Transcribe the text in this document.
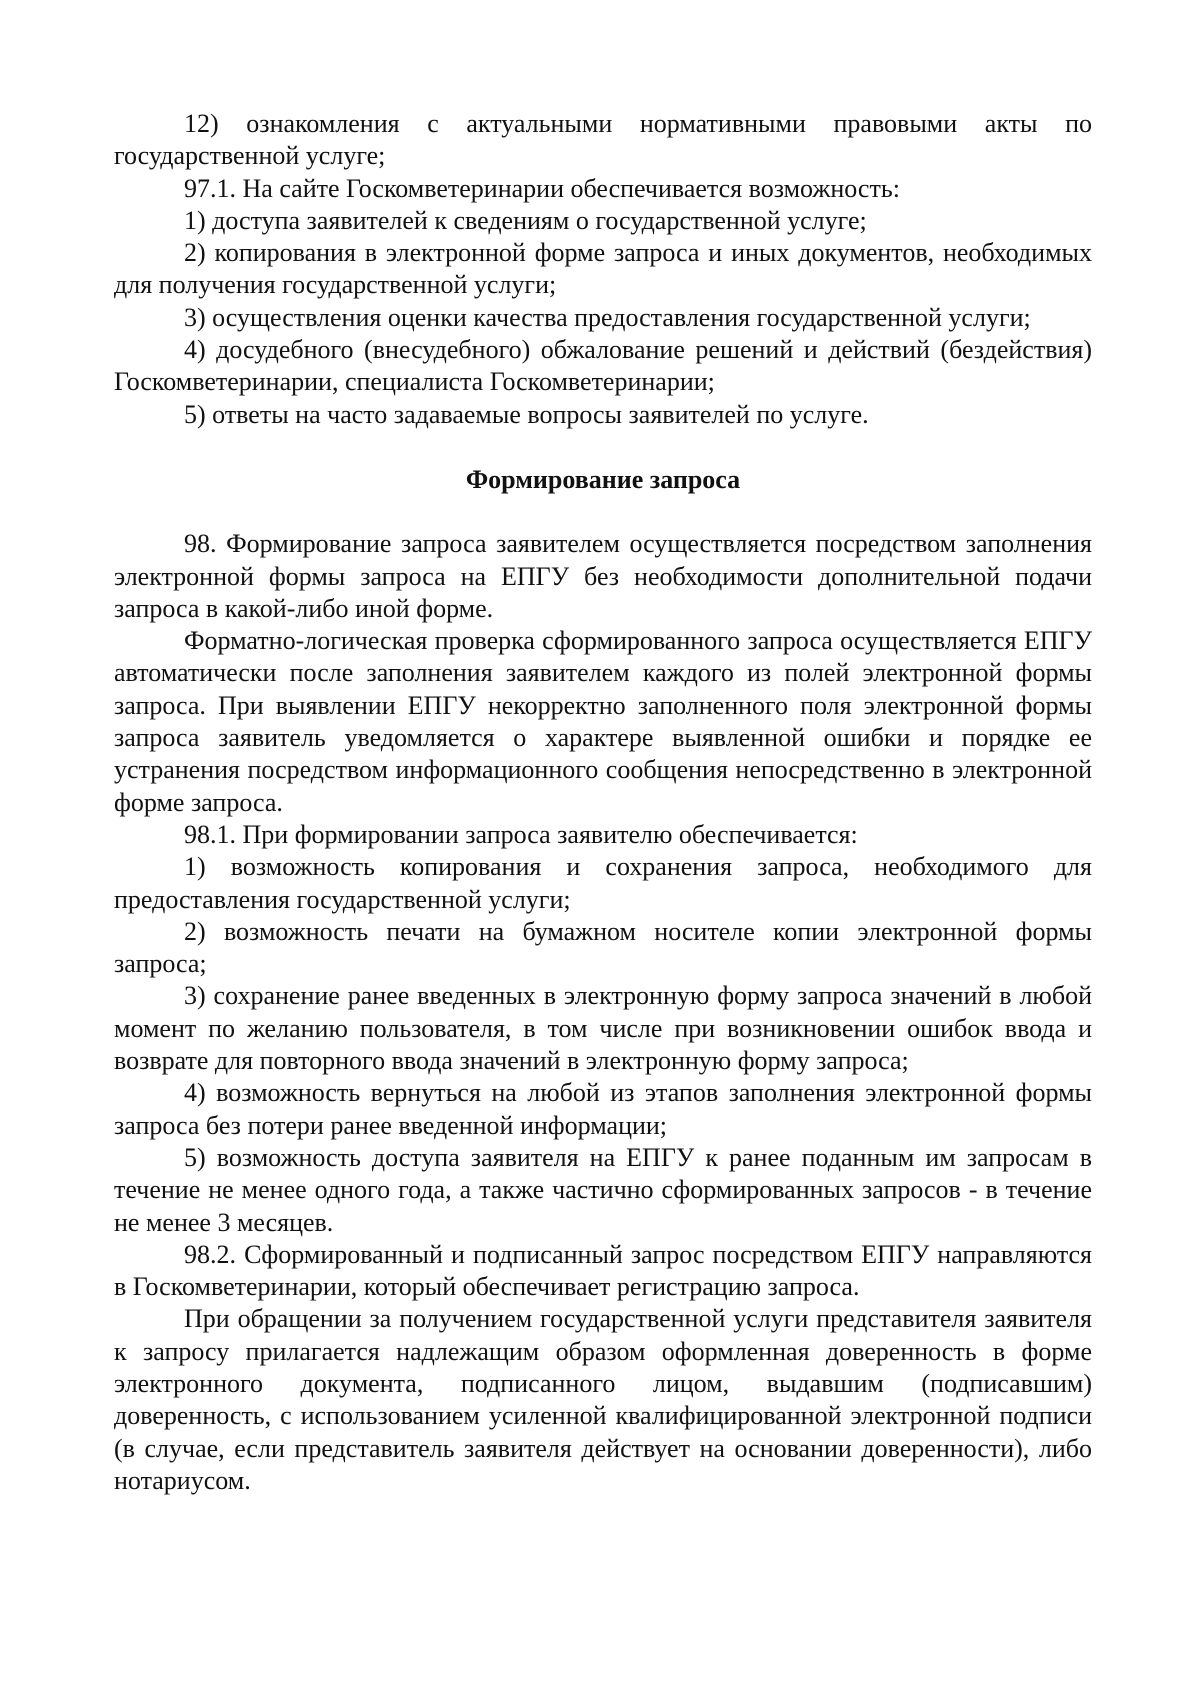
12) ознакомления с актуальными нормативными правовыми акты по государственной услуге;

97.1. На сайте Госкомветеринарии обеспечивается возможность:

1) доступа заявителей к сведениям о государственной услуге;

2) копирования в электронной форме запроса и иных документов, необходимых для получения государственной услуги;

3) осуществления оценки качества предоставления государственной услуги;

4) досудебного (внесудебного) обжалование решений и действий (бездействия) Госкомветеринарии, специалиста Госкомветеринарии;

5) ответы на часто задаваемые вопросы заявителей по услуге.

Формирование запроса

98. Формирование запроса заявителем осуществляется посредством заполнения электронной формы запроса на ЕПГУ без необходимости дополнительной подачи запроса в какой-либо иной форме.

Форматно-логическая проверка сформированного запроса осуществляется ЕПГУ автоматически после заполнения заявителем каждого из полей электронной формы запроса. При выявлении ЕПГУ некорректно заполненного поля электронной формы запроса заявитель уведомляется о характере выявленной ошибки и порядке ее устранения посредством информационного сообщения непосредственно в электронной форме запроса.

98.1. При формировании запроса заявителю обеспечивается:

1) возможность копирования и сохранения запроса, необходимого для предоставления государственной услуги;

2) возможность печати на бумажном носителе копии электронной формы запроса;

3) сохранение ранее введенных в электронную форму запроса значений в любой момент по желанию пользователя, в том числе при возникновении ошибок ввода и возврате для повторного ввода значений в электронную форму запроса;

4) возможность вернуться на любой из этапов заполнения электронной формы запроса без потери ранее введенной информации;

5) возможность доступа заявителя на ЕПГУ к ранее поданным им запросам в течение не менее одного года, а также частично сформированных запросов - в течение не менее 3 месяцев.

98.2. Сформированный и подписанный запрос посредством ЕПГУ направляются в Госкомветеринарии, который обеспечивает регистрацию запроса.

При обращении за получением государственной услуги представителя заявителя к запросу прилагается надлежащим образом оформленная доверенность в форме электронного документа, подписанного лицом, выдавшим (подписавшим) доверенность, с использованием усиленной квалифицированной электронной подписи (в случае, если представитель заявителя действует на основании доверенности), либо нотариусом.
